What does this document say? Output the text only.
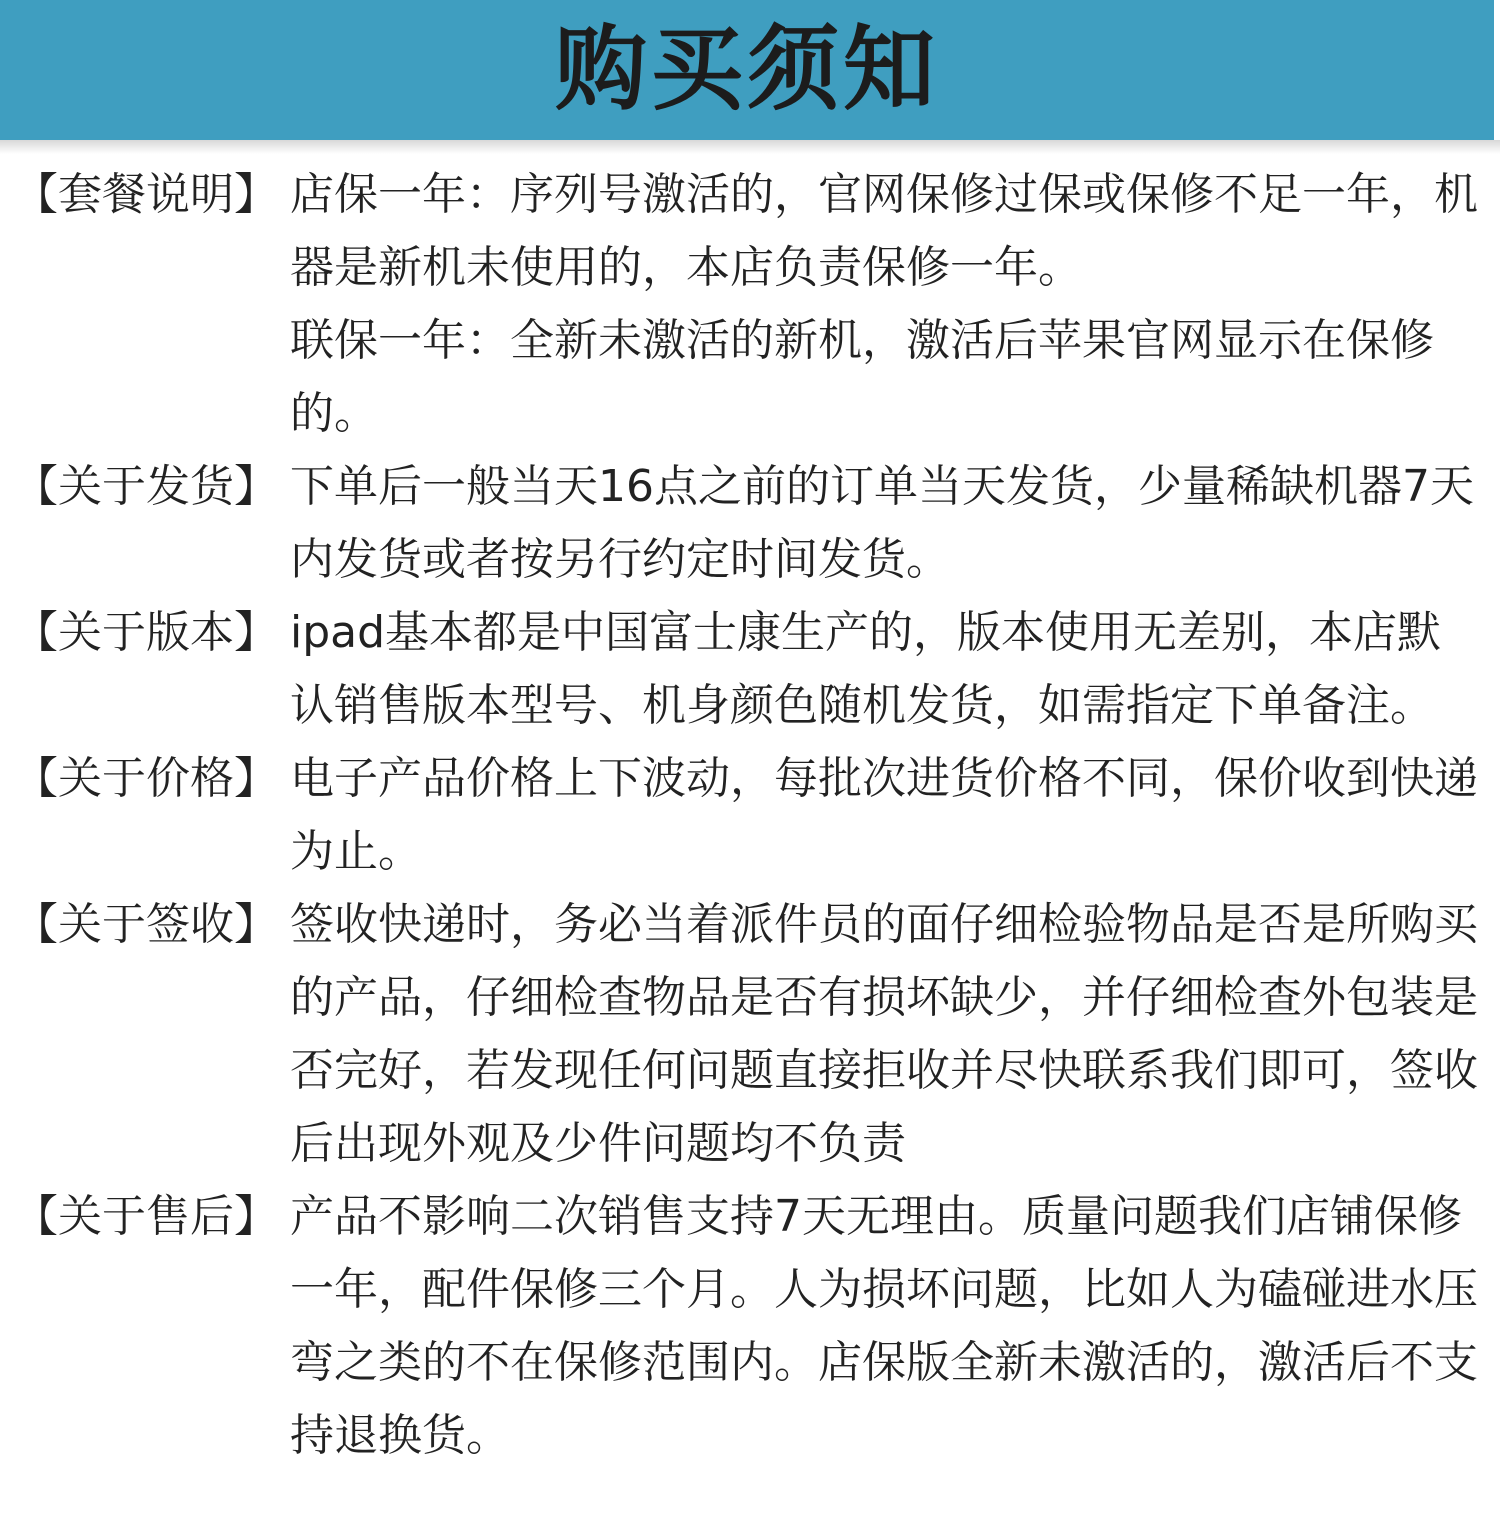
购买须知
【套餐说明】 店保一年：序列号激活的，官网保修过保或保修不足一年，机器是新机未使用的，本店负责保修一年。

联保一年：全新未激活的新机，激活后苹果官网显示在保修的。

【关于发货】 下单后一般当天16点之前的订单当天发货，少量稀缺机器7天内发货或者按另行约定时间发货。

【关于版本】 ipad基本都是中国富士康生产的，版本使用无差别，本店默认销售版本型号、机身颜色随机发货，如需指定下单备注。

【关于价格】 电子产品价格上下波动，每批次进货价格不同，保价收到快递为止。

【关于签收】 签收快递时，务必当着派件员的面仔细检验物品是否是所购买的产品，仔细检查物品是否有损坏缺少，并仔细检查外包装是否完好，若发现任何问题直接拒收并尽快联系我们即可，签收后出现外观及少件问题均不负责

【关于售后】 产品不影响二次销售支持7天无理由。质量问题我们店铺保修一年，配件保修三个月。人为损坏问题，比如人为磕碰进水压弯之类的不在保修范围内。店保版全新未激活的，激活后不支持退换货。
